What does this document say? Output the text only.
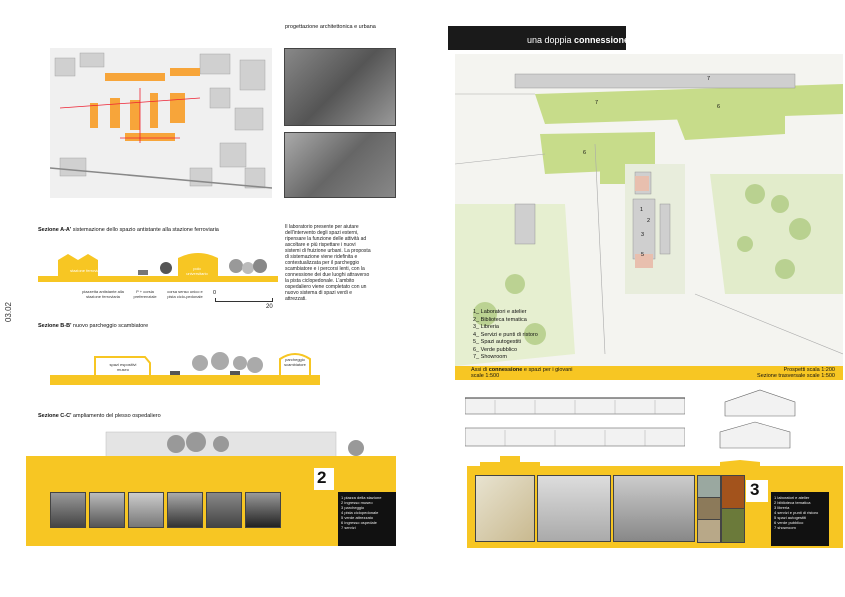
progettazione architettonica e urbana
Sezione A-A' sistemazione dello spazio antistante alla stazione ferroviaria	Il laboratorio presente per aiutare dell'intervento degli spazi esterni, ripensare la funzione delle attività ad ascoltare e più rispettare i nuovi sistemi di fruizione urbani. La proposta di sistemazione viene ridefinita e contestualizzata per il parcheggio scambiatore e i percorsi lenti, con la connessione dei due luoghi attraverso la pista ciclopedonale. L'ambito ospedaliero viene completato con un nuovo sistema di spazi verdi e attrezzati.
stazione ferroviaria	polo universitario
piazzetta antistante alla stazione ferroviaria
P + corsia preferenziale
corsa senso unico e pista ciclo-pedonale
0
20
03.02
Sezione B-B' nuovo parcheggio scambiatore
spazi espositivi museo
parcheggio scambiatore
Sezione C-C' ampliamento del plesso ospedaliero
2
1 piazza della stazione
2 ingresso museo
3 parcheggio
4 pista ciclopedonale
5 verde attrezzato
6 ingresso ospedale
7 servizi
una doppia connessione
7
7
6
6
1
2
3
5
1_ Laboratori e atelier
2_ Biblioteca tematica
3_ Libreria
4_ Servizi e punti di ristoro
5_ Spazi autogestiti
6_ Verde pubblico
7_ Showroom
Assi di connessione e spazi per i giovani
scale 1:500
Prospetti scala 1:200
Sezione trasversale scale 1:500
3	1 laboratori e atelier
2 biblioteca tematica
3 libreria
4 servizi e punti di ristoro
5 spazi autogestiti
6 verde pubblico
7 showroom
